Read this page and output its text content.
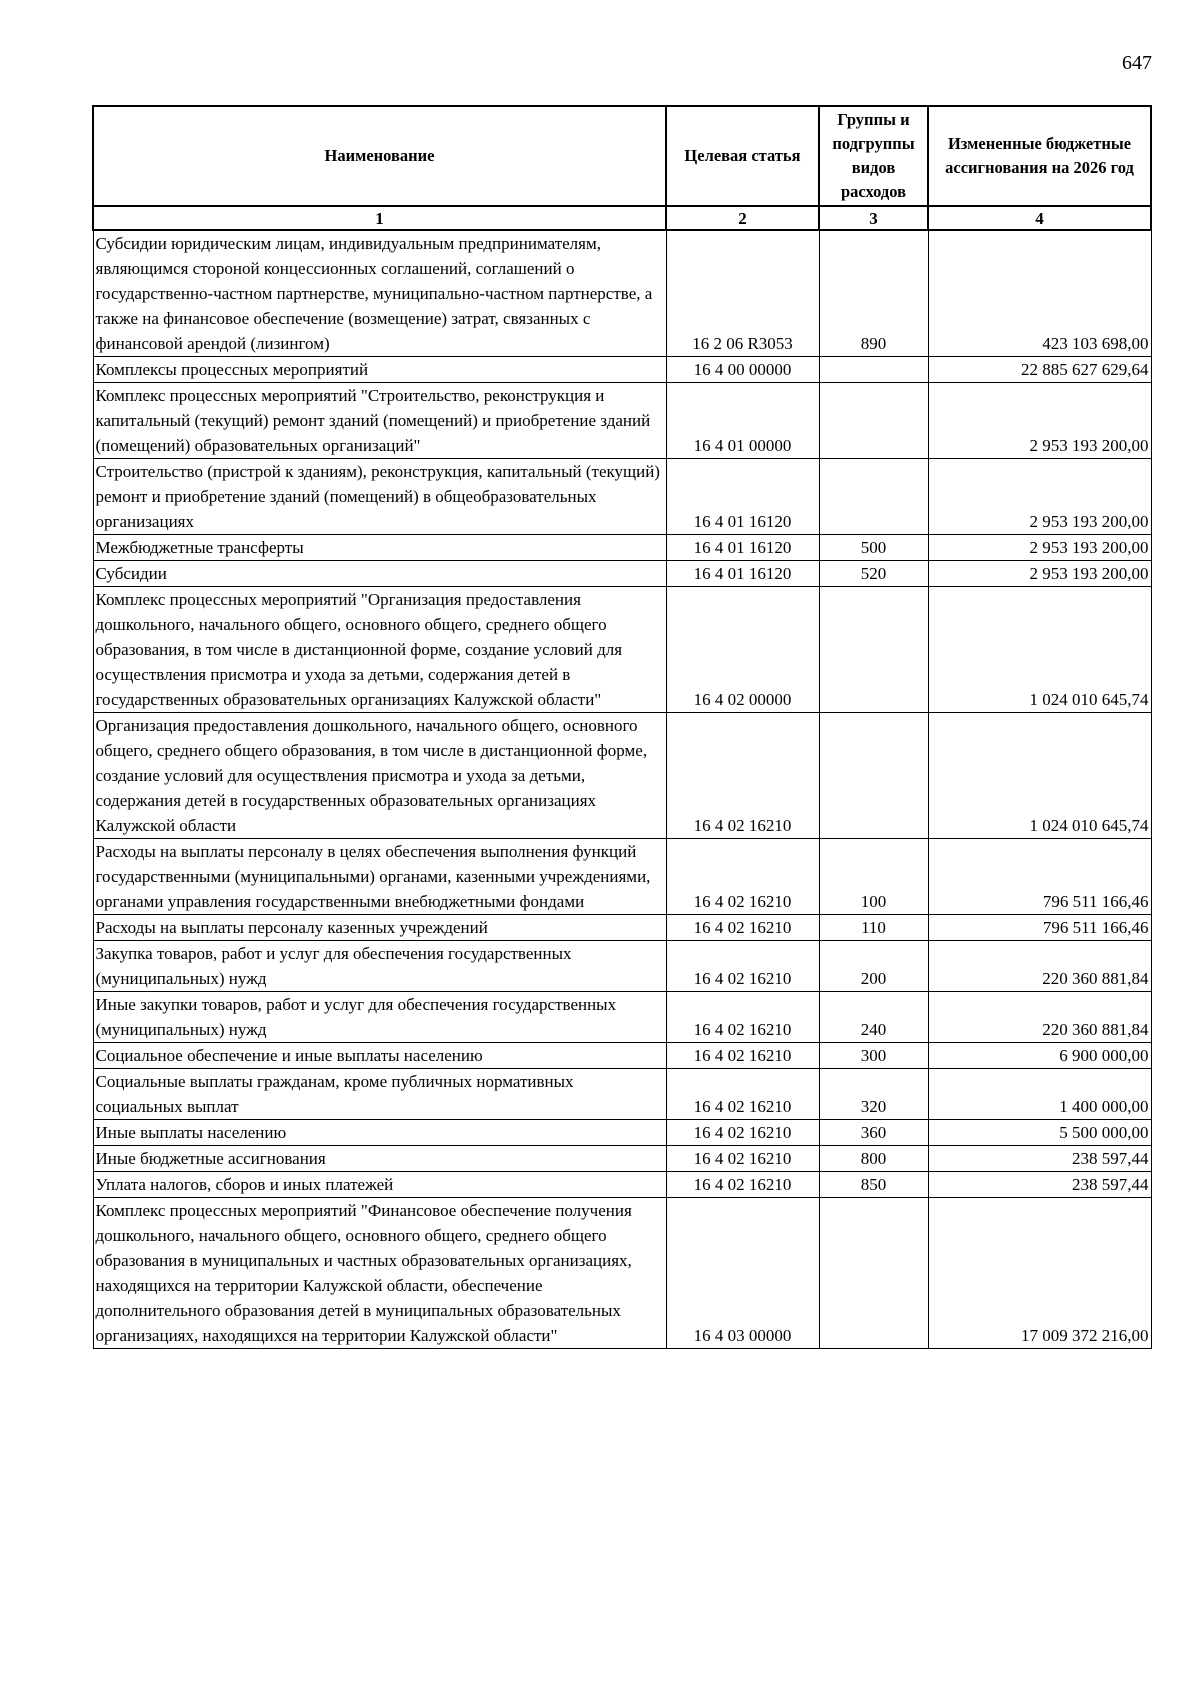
647
Наименование	Целевая статья	Группы и подгруппы видов расходов	Измененные бюджетные ассигнования на 2026 год
1	2	3	4
Субсидии юридическим лицам, индивидуальным предпринимателям, являющимся стороной концессионных соглашений, соглашений о государственно-частном партнерстве, муниципально-частном партнерстве, а также на финансовое обеспечение (возмещение) затрат, связанных с финансовой арендой (лизингом)	16 2 06 R3053	890	423 103 698,00
Комплексы процессных мероприятий	16 4 00 00000		22 885 627 629,64
Комплекс процессных мероприятий "Строительство, реконструкция и капитальный (текущий) ремонт зданий (помещений) и приобретение зданий (помещений) образовательных организаций"	16 4 01 00000		2 953 193 200,00
Строительство (пристрой к зданиям), реконструкция, капитальный (текущий) ремонт и приобретение зданий (помещений) в общеобразовательных организациях	16 4 01 16120		2 953 193 200,00
Межбюджетные трансферты	16 4 01 16120	500	2 953 193 200,00
Субсидии	16 4 01 16120	520	2 953 193 200,00
Комплекс процессных мероприятий "Организация предоставления дошкольного, начального общего, основного общего, среднего общего образования, в том числе в дистанционной форме, создание условий для осуществления присмотра и ухода за детьми, содержания детей в государственных образовательных организациях Калужской области"	16 4 02 00000		1 024 010 645,74
Организация предоставления дошкольного, начального общего, основного общего, среднего общего образования, в том числе в дистанционной форме, создание условий для осуществления присмотра и ухода за детьми, содержания детей в государственных образовательных организациях Калужской области	16 4 02 16210		1 024 010 645,74
Расходы на выплаты персоналу в целях обеспечения выполнения функций государственными (муниципальными) органами, казенными учреждениями, органами управления государственными внебюджетными фондами	16 4 02 16210	100	796 511 166,46
Расходы на выплаты персоналу казенных учреждений	16 4 02 16210	110	796 511 166,46
Закупка товаров, работ и услуг для обеспечения государственных (муниципальных) нужд	16 4 02 16210	200	220 360 881,84
Иные закупки товаров, работ и услуг для обеспечения государственных (муниципальных) нужд	16 4 02 16210	240	220 360 881,84
Социальное обеспечение и иные выплаты населению	16 4 02 16210	300	6 900 000,00
Социальные выплаты гражданам, кроме публичных нормативных социальных выплат	16 4 02 16210	320	1 400 000,00
Иные выплаты населению	16 4 02 16210	360	5 500 000,00
Иные бюджетные ассигнования	16 4 02 16210	800	238 597,44
Уплата налогов, сборов и иных платежей	16 4 02 16210	850	238 597,44
Комплекс процессных мероприятий "Финансовое обеспечение получения дошкольного, начального общего, основного общего, среднего общего образования в муниципальных и частных образовательных организациях, находящихся на территории Калужской области, обеспечение дополнительного образования детей в муниципальных образовательных организациях, находящихся на территории Калужской области"	16 4 03 00000		17 009 372 216,00
